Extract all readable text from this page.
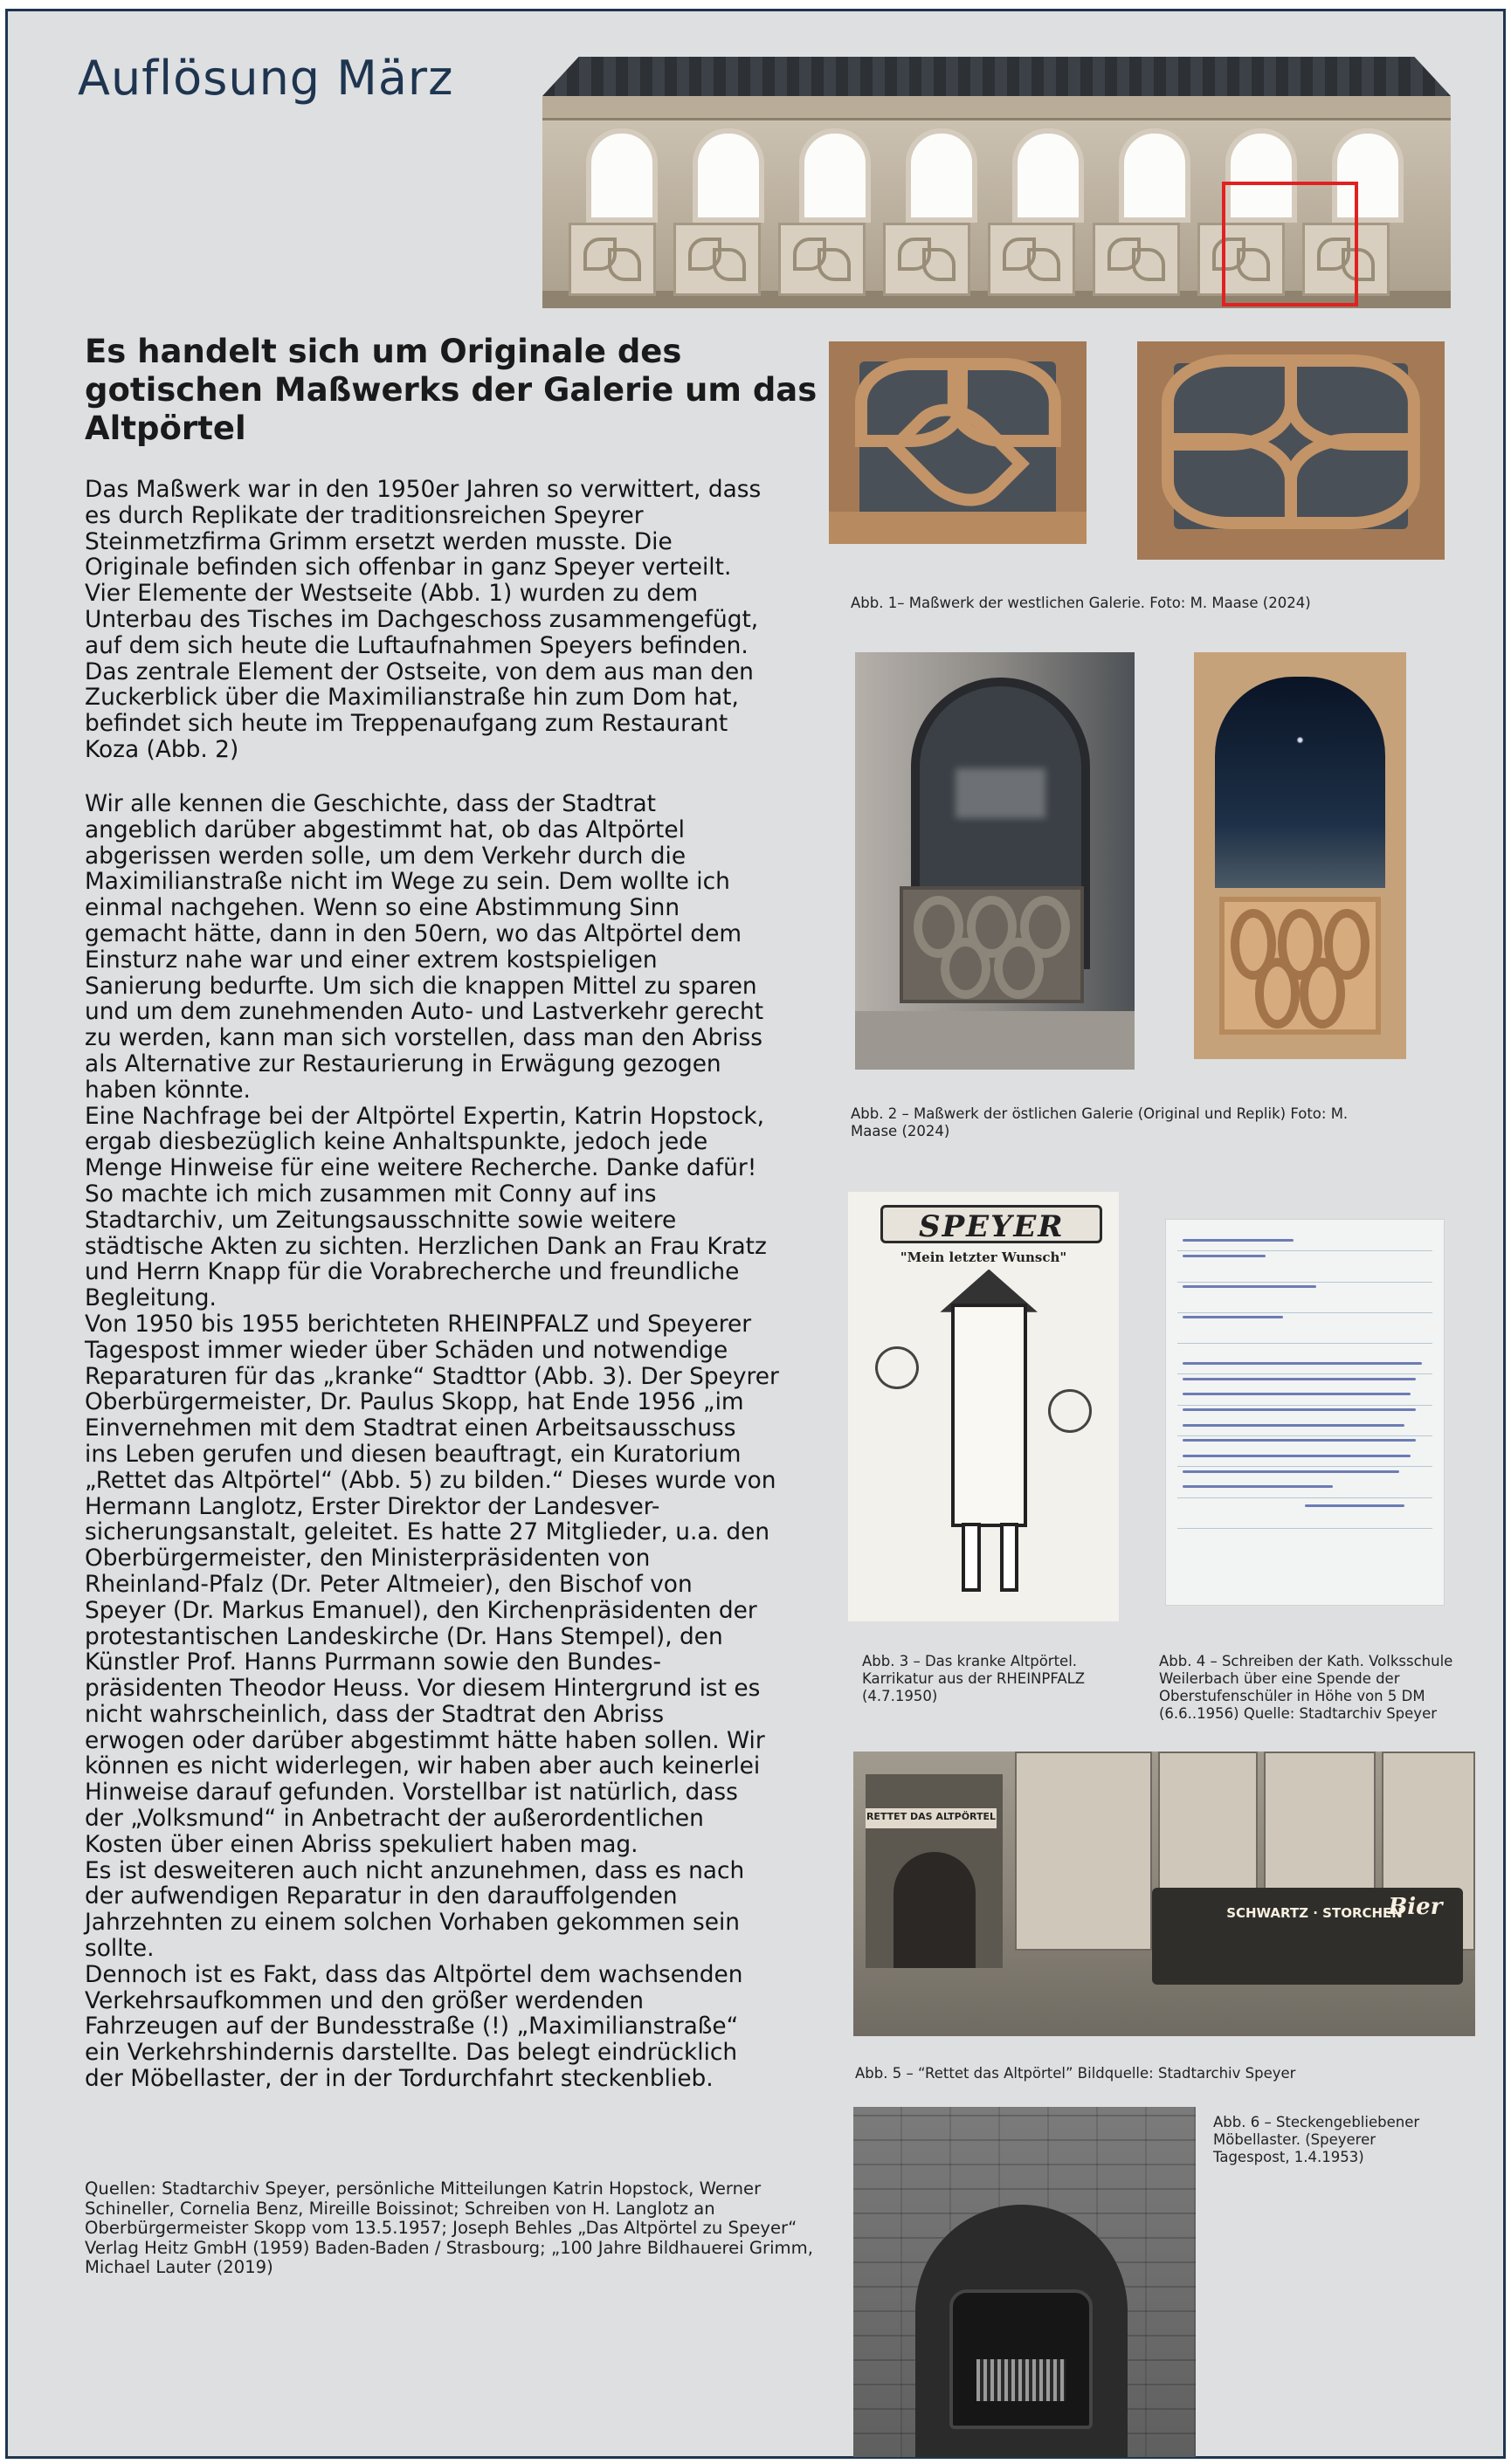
Auflösung März
Es handelt sich um Originale des
gotischen Maßwerks der Galerie um das
Altpörtel

Das Maßwerk war in den 1950er Jahren so verwittert, dass
es durch Replikate der traditionsreichen Speyrer
Steinmetzfirma Grimm ersetzt werden musste. Die
Originale befinden sich offenbar in ganz Speyer verteilt.
Vier Elemente der Westseite (Abb. 1) wurden zu dem
Unterbau des Tisches im Dachgeschoss zusammengefügt,
auf dem sich heute die Luftaufnahmen Speyers befinden.
Das zentrale Element der Ostseite, von dem aus man den
Zuckerblick über die Maximilianstraße hin zum Dom hat,
befindet sich heute im Treppenaufgang zum Restaurant
Koza (Abb. 2)

Wir alle kennen die Geschichte, dass der Stadtrat
angeblich darüber abgestimmt hat, ob das Altpörtel
abgerissen werden solle, um dem Verkehr durch die
Maximilianstraße nicht im Wege zu sein. Dem wollte ich
einmal nachgehen. Wenn so eine Abstimmung Sinn
gemacht hätte, dann in den 50ern, wo das Altpörtel dem
Einsturz nahe war und einer extrem kostspieligen
Sanierung bedurfte. Um sich die knappen Mittel zu sparen
und um dem zunehmenden Auto- und Lastverkehr gerecht
zu werden, kann man sich vorstellen, dass man den Abriss
als Alternative zur Restaurierung in Erwägung gezogen
haben könnte.
Eine Nachfrage bei der Altpörtel Expertin, Katrin Hopstock,
ergab diesbezüglich keine Anhaltspunkte, jedoch jede
Menge Hinweise für eine weitere Recherche. Danke dafür!
So machte ich mich zusammen mit Conny auf ins
Stadtarchiv, um Zeitungsausschnitte sowie weitere
städtische Akten zu sichten. Herzlichen Dank an Frau Kratz
und Herrn Knapp für die Vorabrecherche und freundliche
Begleitung.
Von 1950 bis 1955 berichteten RHEINPFALZ und Speyerer
Tagespost immer wieder über Schäden und notwendige
Reparaturen für das „kranke“ Stadttor (Abb. 3). Der Speyrer
Oberbürgermeister, Dr. Paulus Skopp, hat Ende 1956 „im
Einvernehmen mit dem Stadtrat einen Arbeitsausschuss
ins Leben gerufen und diesen beauftragt, ein Kuratorium
„Rettet das Altpörtel“ (Abb. 5) zu bilden.“ Dieses wurde von
Hermann Langlotz, Erster Direktor der Landesver-
sicherungsanstalt, geleitet. Es hatte 27 Mitglieder, u.a. den
Oberbürgermeister, den Ministerpräsidenten von
Rheinland-Pfalz (Dr. Peter Altmeier), den Bischof von
Speyer (Dr. Markus Emanuel), den Kirchenpräsidenten der
protestantischen Landeskirche (Dr. Hans Stempel), den
Künstler Prof. Hanns Purrmann sowie den Bundes-
präsidenten Theodor Heuss. Vor diesem Hintergrund ist es
nicht wahrscheinlich, dass der Stadtrat den Abriss
erwogen oder darüber abgestimmt hätte haben sollen. Wir
können es nicht widerlegen, wir haben aber auch keinerlei
Hinweise darauf gefunden. Vorstellbar ist natürlich, dass
der „Volksmund“ in Anbetracht der außerordentlichen
Kosten über einen Abriss spekuliert haben mag.
Es ist desweiteren auch nicht anzunehmen, dass es nach
der aufwendigen Reparatur in den darauffolgenden
Jahrzehnten zu einem solchen Vorhaben gekommen sein
sollte.
Dennoch ist es Fakt, dass das Altpörtel dem wachsenden
Verkehrsaufkommen und den größer werdenden
Fahrzeugen auf der Bundesstraße (!) „Maximilianstraße“
ein Verkehrshindernis darstellte. Das belegt eindrücklich
der Möbellaster, der in der Tordurchfahrt steckenblieb.

Quellen: Stadtarchiv Speyer, persönliche Mitteilungen Katrin Hopstock, Werner
Schineller, Cornelia Benz, Mireille Boissinot; Schreiben von H. Langlotz an
Oberbürgermeister Skopp vom 13.5.1957; Joseph Behles „Das Altpörtel zu Speyer“
Verlag Heitz GmbH (1959) Baden-Baden / Strasbourg; „100 Jahre Bildhauerei Grimm,
Michael Lauter (2019)

Abb. 1– Maßwerk der westlichen Galerie. Foto: M. Maase (2024)
Abb. 2 – Maßwerk der östlichen Galerie (Original und Replik) Foto: M.
Maase (2024)
SPEYER
"Mein letzter Wunsch"
Abb. 3 – Das kranke Altpörtel.
Karrikatur aus der RHEINPFALZ
(4.7.1950)
Abb. 4 – Schreiben der Kath. Volksschule
Weilerbach über eine Spende der
Oberstufenschüler in Höhe von 5 DM
(6.6..1956) Quelle: Stadtarchiv Speyer
RETTET DAS ALTPÖRTEL
SCHWARTZ · STORCHEN
Bier
Abb. 5 – “Rettet das Altpörtel” Bildquelle: Stadtarchiv Speyer
Abb. 6 – Steckengebliebener
Möbellaster. (Speyerer
Tagespost, 1.4.1953)
